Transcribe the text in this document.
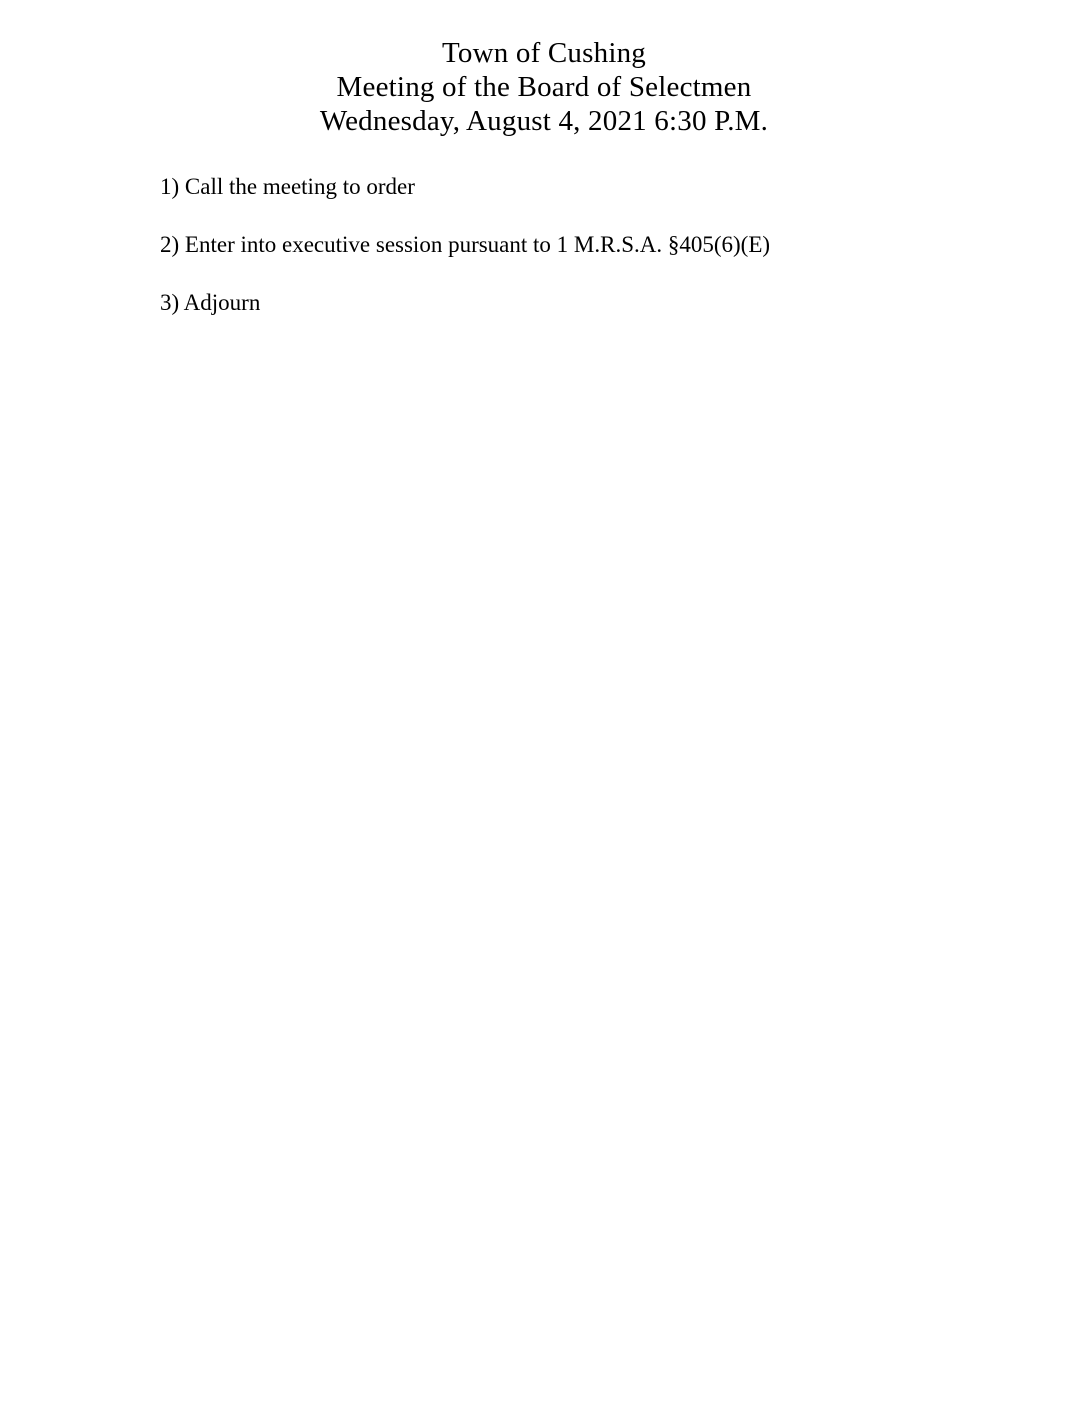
Town of Cushing
Meeting of the Board of Selectmen
Wednesday, August 4, 2021 6:30 P.M.
1) Call the meeting to order
2) Enter into executive session pursuant to 1 M.R.S.A. §405(6)(E)
3) Adjourn
